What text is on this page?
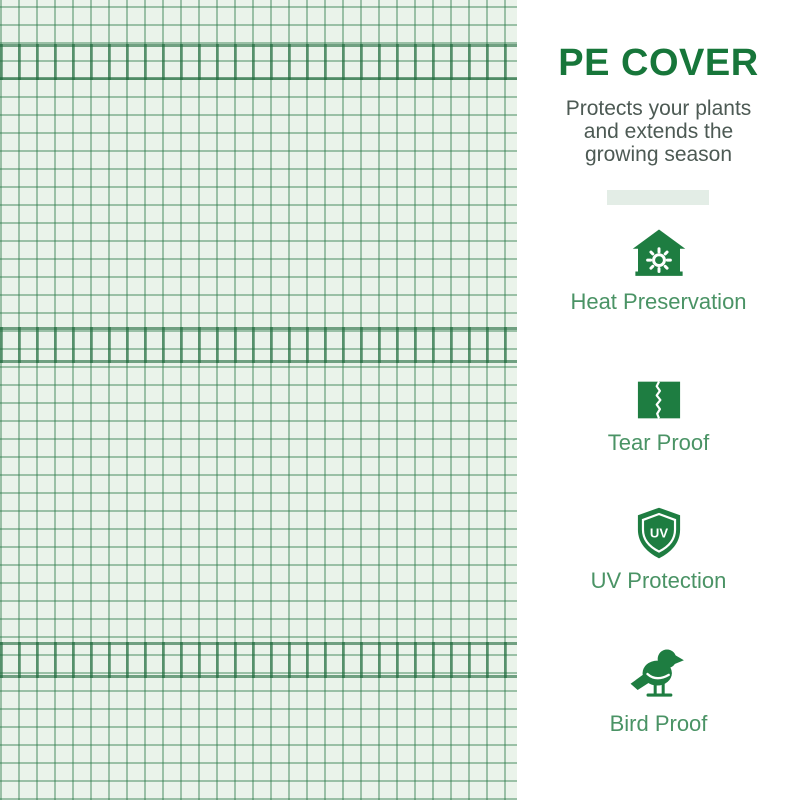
PE COVER
Protects your plants
and extends the
growing season
Heat Preservation
Tear Proof
UV
UV Protection
Bird Proof
